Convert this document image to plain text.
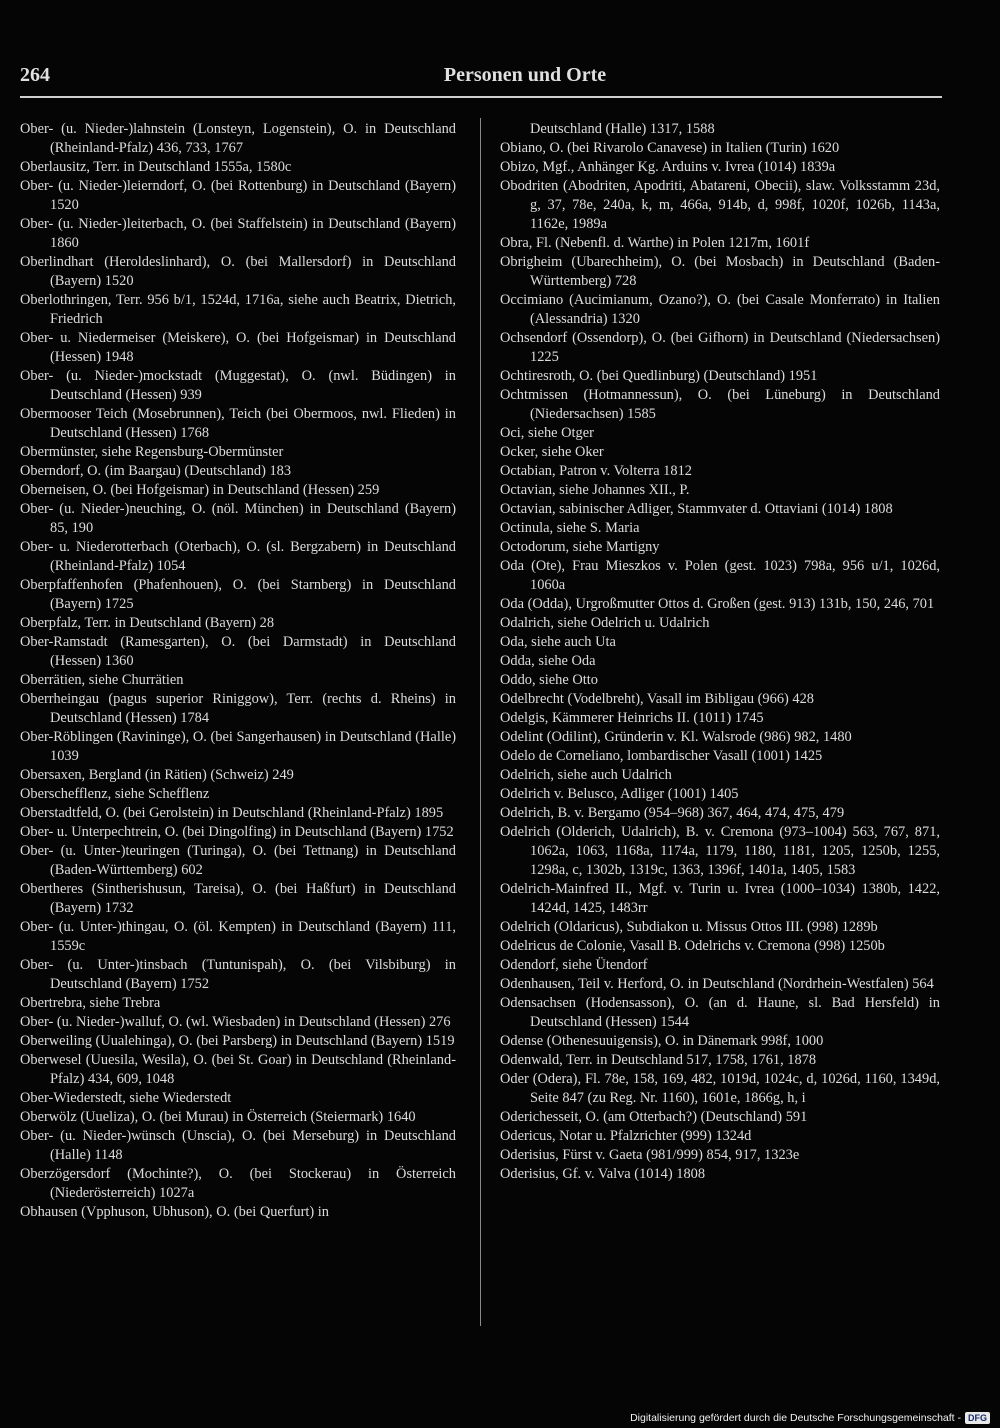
264	Personen und Orte

Ober- (u. Nieder-)lahnstein (Lonsteyn, Logenstein), O. in Deutschland (Rheinland-Pfalz) 436, 733, 1767

Oberlausitz, Terr. in Deutschland 1555a, 1580c

Ober- (u. Nieder-)leierndorf, O. (bei Rottenburg) in Deutschland (Bayern) 1520

Ober- (u. Nieder-)leiterbach, O. (bei Staffelstein) in Deutschland (Bayern) 1860

Oberlindhart (Heroldeslinhard), O. (bei Mallersdorf) in Deutschland (Bayern) 1520

Oberlothringen, Terr. 956 b/1, 1524d, 1716a, siehe auch Beatrix, Dietrich, Friedrich

Ober- u. Niedermeiser (Meiskere), O. (bei Hofgeismar) in Deutschland (Hessen) 1948

Ober- (u. Nieder-)mockstadt (Muggestat), O. (nwl. Büdingen) in Deutschland (Hessen) 939

Obermooser Teich (Mosebrunnen), Teich (bei Obermoos, nwl. Flieden) in Deutschland (Hessen) 1768

Obermünster, siehe Regensburg-Obermünster

Oberndorf, O. (im Baargau) (Deutschland) 183

Oberneisen, O. (bei Hofgeismar) in Deutschland (Hessen) 259

Ober- (u. Nieder-)neuching, O. (nöl. München) in Deutschland (Bayern) 85, 190

Ober- u. Niederotterbach (Oterbach), O. (sl. Bergzabern) in Deutschland (Rheinland-Pfalz) 1054

Oberpfaffenhofen (Phafenhouen), O. (bei Starnberg) in Deutschland (Bayern) 1725

Oberpfalz, Terr. in Deutschland (Bayern) 28

Ober-Ramstadt (Ramesgarten), O. (bei Darmstadt) in Deutschland (Hessen) 1360

Oberrätien, siehe Churrätien

Oberrheingau (pagus superior Riniggow), Terr. (rechts d. Rheins) in Deutschland (Hessen) 1784

Ober-Röblingen (Raviningе), O. (bei Sangerhausen) in Deutschland (Halle) 1039

Obersaxen, Bergland (in Rätien) (Schweiz) 249

Oberschefflenz, siehe Schefflenz

Oberstadtfeld, O. (bei Gerolstein) in Deutschland (Rheinland-Pfalz) 1895

Ober- u. Unterpechtrein, O. (bei Dingolfing) in Deutschland (Bayern) 1752

Ober- (u. Unter-)teuringen (Turinga), O. (bei Tettnang) in Deutschland (Baden-Württemberg) 602

Obertheres (Sintherishusun, Tareisa), O. (bei Haßfurt) in Deutschland (Bayern) 1732

Ober- (u. Unter-)thingau, O. (öl. Kempten) in Deutschland (Bayern) 111, 1559c

Ober- (u. Unter-)tinsbach (Tuntunispah), O. (bei Vilsbiburg) in Deutschland (Bayern) 1752

Obertrebra, siehe Trebra

Ober- (u. Nieder-)walluf, O. (wl. Wiesbaden) in Deutschland (Hessen) 276

Oberweiling (Uualehinga), O. (bei Parsberg) in Deutschland (Bayern) 1519

Oberwesel (Uuesila, Wesila), O. (bei St. Goar) in Deutschland (Rheinland-Pfalz) 434, 609, 1048

Ober-Wiederstedt, siehe Wiederstedt

Oberwölz (Uueliza), O. (bei Murau) in Österreich (Steiermark) 1640

Ober- (u. Nieder-)wünsch (Unscia), O. (bei Merseburg) in Deutschland (Halle) 1148

Oberzögersdorf (Mochinte?), O. (bei Stockerau) in Österreich (Niederösterreich) 1027a

Obhausen (Vpphuson, Ubhuson), O. (bei Querfurt) in

Deutschland (Halle) 1317, 1588

Obiano, O. (bei Rivarolo Canavese) in Italien (Turin) 1620

Obizo, Mgf., Anhänger Kg. Arduins v. Ivrea (1014) 1839a

Obodriten (Abodriten, Apodriti, Abatareni, Obecii), slaw. Volksstamm 23d, g, 37, 78e, 240a, k, m, 466a, 914b, d, 998f, 1020f, 1026b, 1143a, 1162e, 1989a

Obra, Fl. (Nebenfl. d. Warthe) in Polen 1217m, 1601f

Obrigheim (Ubarechheim), O. (bei Mosbach) in Deutschland (Baden-Württemberg) 728

Occimiano (Aucimianum, Ozano?), O. (bei Casale Monferrato) in Italien (Alessandria) 1320

Ochsendorf (Ossendorp), O. (bei Gifhorn) in Deutschland (Niedersachsen) 1225

Ochtiresroth, O. (bei Quedlinburg) (Deutschland) 1951

Ochtmissen (Hotmannessun), O. (bei Lüneburg) in Deutschland (Niedersachsen) 1585

Oci, siehe Otger

Ocker, siehe Oker

Octabian, Patron v. Volterra 1812

Octavian, siehe Johannes XII., P.

Octavian, sabinischer Adliger, Stammvater d. Ottaviani (1014) 1808

Octinula, siehe S. Maria

Octodorum, siehe Martigny

Oda (Ote), Frau Mieszkos v. Polen (gest. 1023) 798a, 956 u/1, 1026d, 1060a

Oda (Odda), Urgroßmutter Ottos d. Großen (gest. 913) 131b, 150, 246, 701

Odalrich, siehe Odelrich u. Udalrich

Oda, siehe auch Uta

Odda, siehe Oda

Oddo, siehe Otto

Odelbrecht (Vodelbreht), Vasall im Bibligau (966) 428

Odelgis, Kämmerer Heinrichs II. (1011) 1745

Odelint (Odilint), Gründerin v. Kl. Walsrode (986) 982, 1480

Odelo de Corneliano, lombardischer Vasall (1001) 1425

Odelrich, siehe auch Udalrich

Odelrich v. Belusco, Adliger (1001) 1405

Odelrich, B. v. Bergamo (954–968) 367, 464, 474, 475, 479

Odelrich (Olderich, Udalrich), B. v. Cremona (973–1004) 563, 767, 871, 1062a, 1063, 1168a, 1174a, 1179, 1180, 1181, 1205, 1250b, 1255, 1298a, c, 1302b, 1319c, 1363, 1396f, 1401a, 1405, 1583

Odelrich-Mainfred II., Mgf. v. Turin u. Ivrea (1000–1034) 1380b, 1422, 1424d, 1425, 1483rr

Odelrich (Oldaricus), Subdiakon u. Missus Ottos III. (998) 1289b

Odelricus de Colonie, Vasall B. Odelrichs v. Cremona (998) 1250b

Odendorf, siehe Ütendorf

Odenhausen, Teil v. Herford, O. in Deutschland (Nordrhein-Westfalen) 564

Odensachsen (Hodensasson), O. (an d. Haune, sl. Bad Hersfeld) in Deutschland (Hessen) 1544

Odense (Othenesuuigensis), O. in Dänemark 998f, 1000

Odenwald, Terr. in Deutschland 517, 1758, 1761, 1878

Oder (Odera), Fl. 78e, 158, 169, 482, 1019d, 1024c, d, 1026d, 1160, 1349d, Seite 847 (zu Reg. Nr. 1160), 1601e, 1866g, h, i

Oderichesseit, O. (am Otterbach?) (Deutschland) 591

Odericus, Notar u. Pfalzrichter (999) 1324d

Oderisius, Fürst v. Gaeta (981/999) 854, 917, 1323e

Oderisius, Gf. v. Valva (1014) 1808

Digitalisierung gefördert durch die Deutsche Forschungsgemeinschaft - DFG
